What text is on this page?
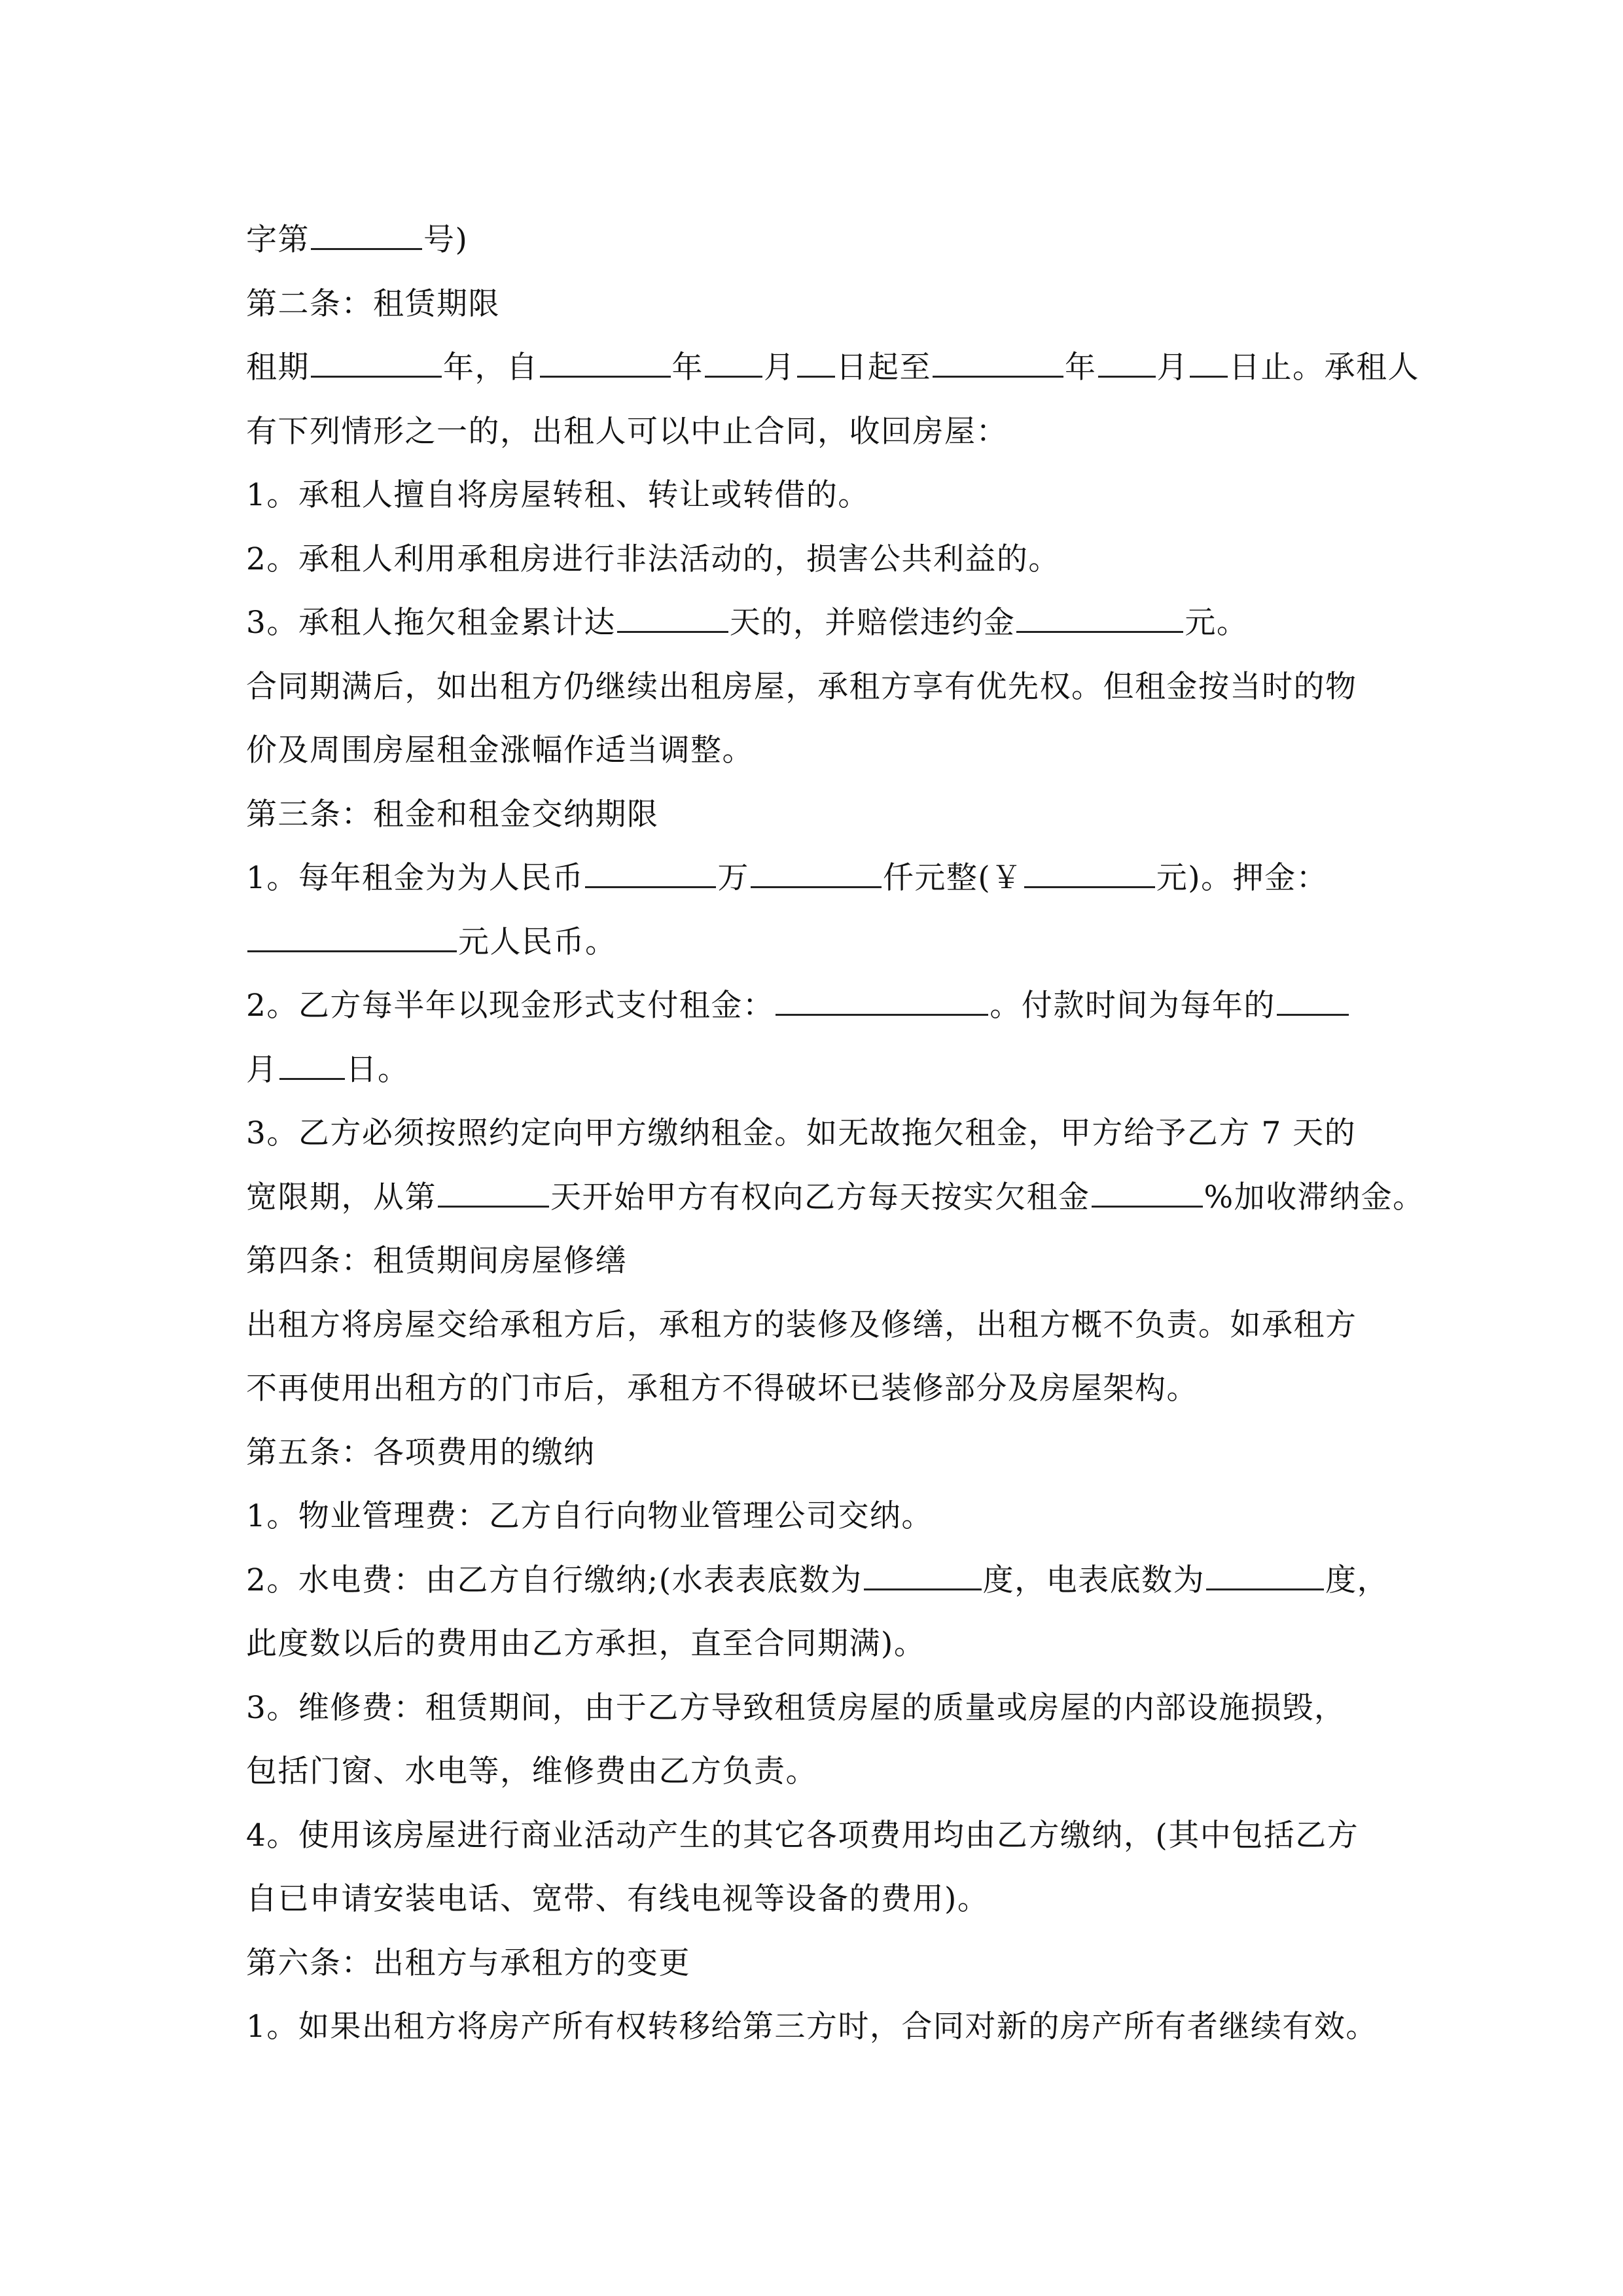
字第	号)
第二条：租赁期限
租期	年，自	年 月 日起至	年 月 日止。承租人
有下列情形之一的，出租人可以中止合同，收回房屋：
1。承租人擅自将房屋转租、转让或转借的。
2。承租人利用承租房进行非法活动的，损害公共利益的。
3。承租人拖欠租金累计达	天的，并赔偿违约金	元。
合同期满后，如出租方仍继续出租房屋，承租方享有优先权。但租金按当时的物
价及周围房屋租金涨幅作适当调整。
第三条：租金和租金交纳期限
1。每年租金为为人民币	万	仟元整(￥	元)。押金：
元人民币。
2。乙方每半年以现金形式支付租金：	。付款时间为每年的
月 日。
3。乙方必须按照约定向甲方缴纳租金。如无故拖欠租金，甲方给予乙方 7 天的
宽限期，从第	天开始甲方有权向乙方每天按实欠租金	%加收滞纳金。
第四条：租赁期间房屋修缮
出租方将房屋交给承租方后，承租方的装修及修缮，出租方概不负责。如承租方
不再使用出租方的门市后，承租方不得破坏已装修部分及房屋架构。
第五条：各项费用的缴纳
1。物业管理费：乙方自行向物业管理公司交纳。
2。水电费：由乙方自行缴纳;(水表表底数为	度，电表底数为	度，
此度数以后的费用由乙方承担，直至合同期满)。
3。维修费：租赁期间，由于乙方导致租赁房屋的质量或房屋的内部设施损毁，
包括门窗、水电等，维修费由乙方负责。
4。使用该房屋进行商业活动产生的其它各项费用均由乙方缴纳，(其中包括乙方
自已申请安装电话、宽带、有线电视等设备的费用)。
第六条：出租方与承租方的变更
1。如果出租方将房产所有权转移给第三方时，合同对新的房产所有者继续有效。
